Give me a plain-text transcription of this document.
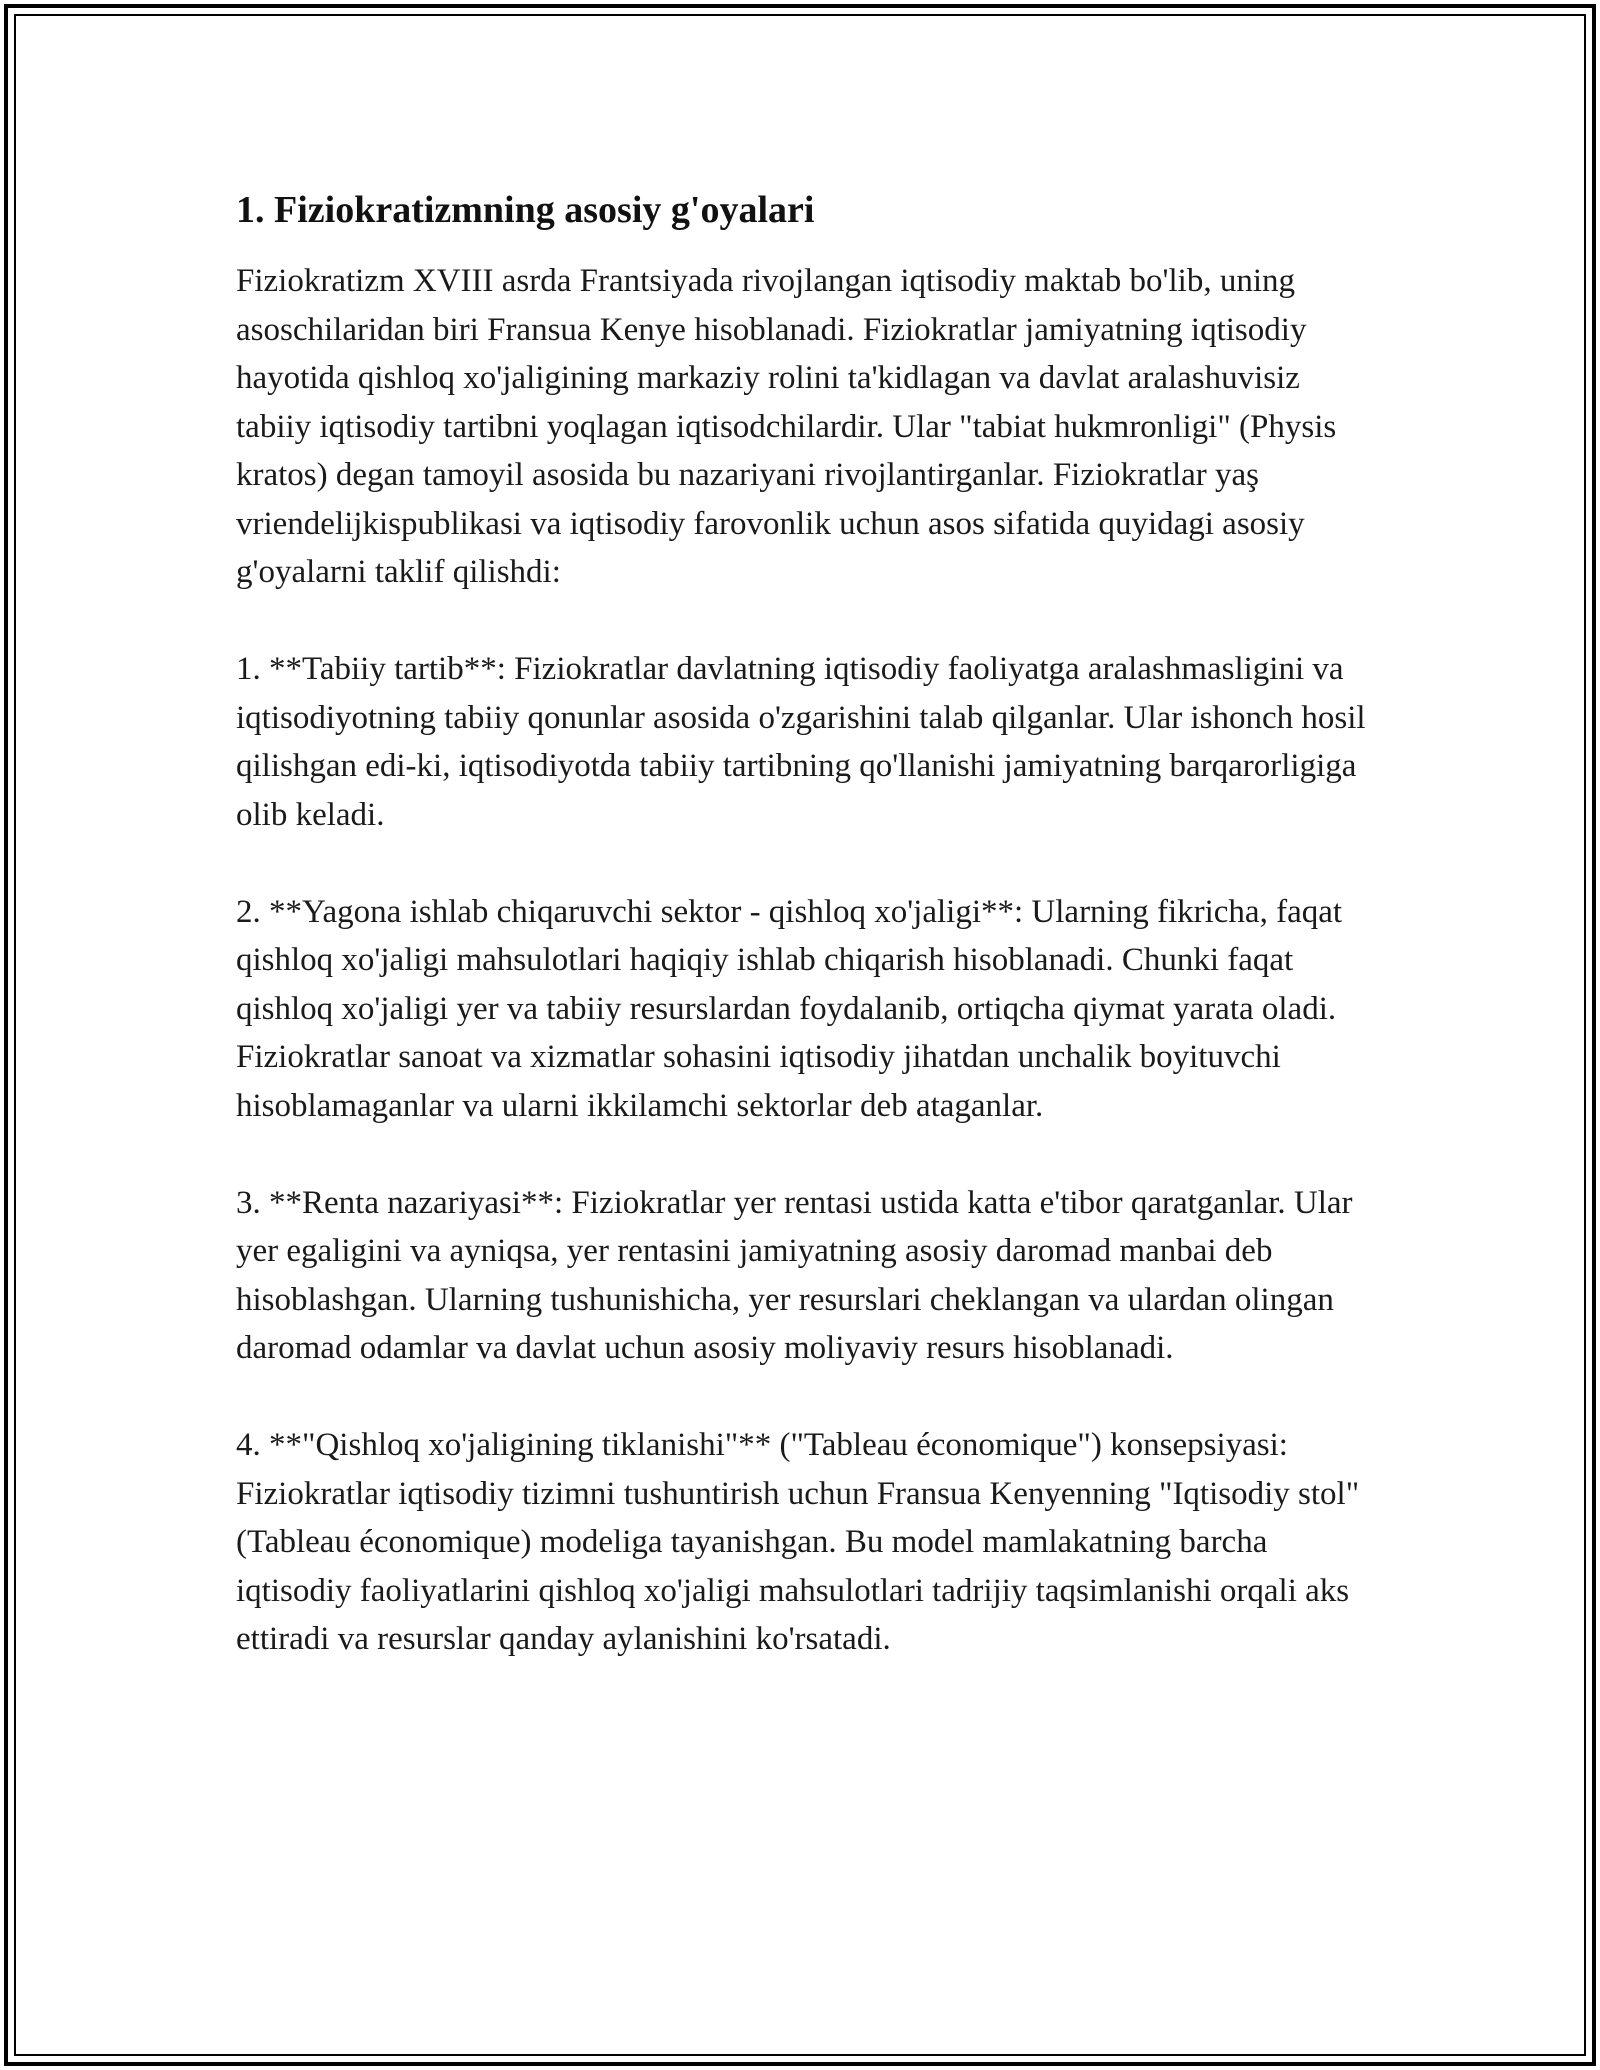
1. Fiziokratizmning asosiy g'oyalari

Fiziokratizm XVIII asrda Frantsiyada rivojlangan iqtisodiy maktab bo'lib, uning asoschilaridan biri Fransua Kenye hisoblanadi. Fiziokratlar jamiyatning iqtisodiy hayotida qishloq xo'jaligining markaziy rolini ta'kidlagan va davlat aralashuvisiz tabiiy iqtisodiy tartibni yoqlagan iqtisodchilardir. Ular "tabiat hukmronligi" (Physis kratos) degan tamoyil asosida bu nazariyani rivojlantirganlar. Fiziokratlar yaş vriendelijkispublikasi va iqtisodiy farovonlik uchun asos sifatida quyidagi asosiy g'oyalarni taklif qilishdi:

1. **Tabiiy tartib**: Fiziokratlar davlatning iqtisodiy faoliyatga aralashmasligini va iqtisodiyotning tabiiy qonunlar asosida o'zgarishini talab qilganlar. Ular ishonch hosil qilishgan edi-ki, iqtisodiyotda tabiiy tartibning qo'llanishi jamiyatning barqarorligiga olib keladi.

2. **Yagona ishlab chiqaruvchi sektor - qishloq xo'jaligi**: Ularning fikricha, faqat qishloq xo'jaligi mahsulotlari haqiqiy ishlab chiqarish hisoblanadi. Chunki faqat qishloq xo'jaligi yer va tabiiy resurslardan foydalanib, ortiqcha qiymat yarata oladi. Fiziokratlar sanoat va xizmatlar sohasini iqtisodiy jihatdan unchalik boyituvchi hisoblamaganlar va ularni ikkilamchi sektorlar deb ataganlar.

3. **Renta nazariyasi**: Fiziokratlar yer rentasi ustida katta e'tibor qaratganlar. Ular yer egaligini va ayniqsa, yer rentasini jamiyatning asosiy daromad manbai deb hisoblashgan. Ularning tushunishicha, yer resurslari cheklangan va ulardan olingan daromad odamlar va davlat uchun asosiy moliyaviy resurs hisoblanadi.

4. **"Qishloq xo'jaligining tiklanishi"** ("Tableau économique") konsepsiyasi: Fiziokratlar iqtisodiy tizimni tushuntirish uchun Fransua Kenyenning "Iqtisodiy stol" (Tableau économique) modeliga tayanishgan. Bu model mamlakatning barcha iqtisodiy faoliyatlarini qishloq xo'jaligi mahsulotlari tadrijiy taqsimlanishi orqali aks ettiradi va resurslar qanday aylanishini ko'rsatadi.
